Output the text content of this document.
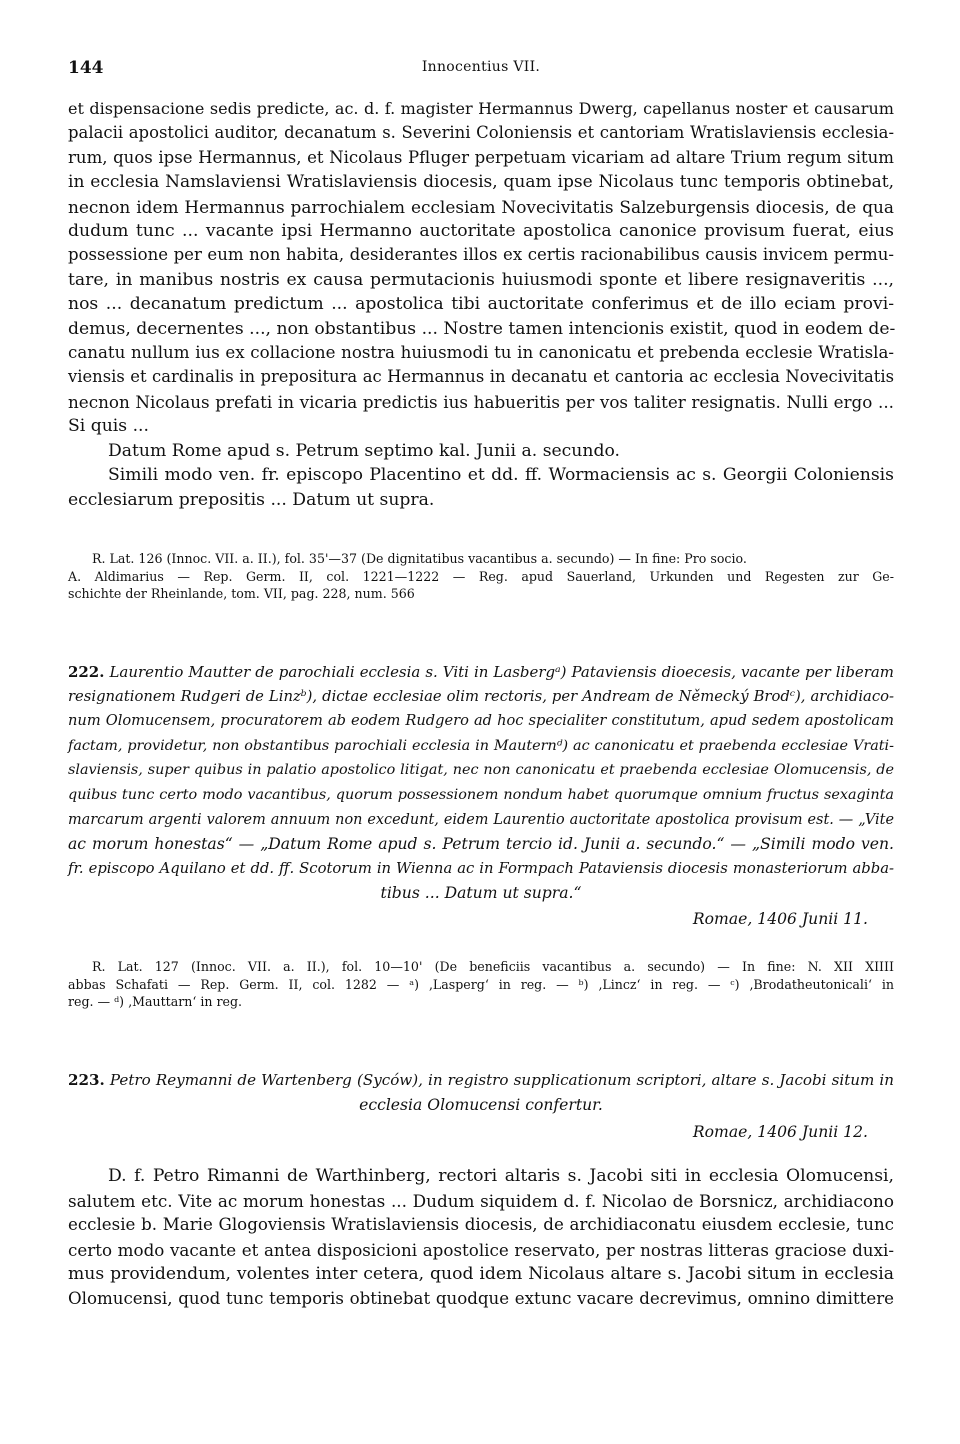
144	Innocentius VII.

et dispensacione sedis predicte, ac. d. f. magister Hermannus Dwerg, capellanus noster et causarum
palacii apostolici auditor, decanatum s. Severini Coloniensis et cantoriam Wratislaviensis ecclesia-
rum, quos ipse Hermannus, et Nicolaus Pfluger perpetuam vicariam ad altare Trium regum situm
in ecclesia Namslaviensi Wratislaviensis diocesis, quam ipse Nicolaus tunc temporis obtinebat,
necnon idem Hermannus parrochialem ecclesiam Novecivitatis Salzeburgensis diocesis, de qua
dudum tunc ... vacante ipsi Hermanno auctoritate apostolica canonice provisum fuerat, eius
possessione per eum non habita, desiderantes illos ex certis racionabilibus causis invicem permu-
tare, in manibus nostris ex causa permutacionis huiusmodi sponte et libere resignaveritis ...,
nos ... decanatum predictum ... apostolica tibi auctoritate conferimus et de illo eciam provi-
demus, decernentes ..., non obstantibus ... Nostre tamen intencionis existit, quod in eodem de-
canatu nullum ius ex collacione nostra huiusmodi tu in canonicatu et prebenda ecclesie Wratisla-
viensis et cardinalis in prepositura ac Hermannus in decanatu et cantoria ac ecclesia Novecivitatis
necnon Nicolaus prefati in vicaria predictis ius habueritis per vos taliter resignatis. Nulli ergo ...
Si quis ...
Datum Rome apud s. Petrum septimo kal. Junii a. secundo.
Simili modo ven. fr. episcopo Placentino et dd. ff. Wormaciensis ac s. Georgii Coloniensis
ecclesiarum prepositis ... Datum ut supra.

R. Lat. 126 (Innoc. VII. a. II.), fol. 35'—37 (De dignitatibus vacantibus a. secundo) — In fine: Pro socio.
A. Aldimarius — Rep. Germ. II, col. 1221—1222 — Reg. apud Sauerland, Urkunden und Regesten zur Ge-
schichte der Rheinlande, tom. VII, pag. 228, num. 566

222. Laurentio Mautter de parochiali ecclesia s. Viti in Lasbergᵃ) Pataviensis dioecesis, vacante per liberam
resignationem Rudgeri de Linzᵇ), dictae ecclesiae olim rectoris, per Andream de Německý Brodᶜ), archidiaco-
num Olomucensem, procuratorem ab eodem Rudgero ad hoc specialiter constitutum, apud sedem apostolicam
factam, providetur, non obstantibus parochiali ecclesia in Mauternᵈ) ac canonicatu et praebenda ecclesiae Vrati-
slaviensis, super quibus in palatio apostolico litigat, nec non canonicatu et praebenda ecclesiae Olomucensis, de
quibus tunc certo modo vacantibus, quorum possessionem nondum habet quorumque omnium fructus sexaginta
marcarum argenti valorem annuum non excedunt, eidem Laurentio auctoritate apostolica provisum est. — „Vite
ac morum honestas“ — „Datum Rome apud s. Petrum tercio id. Junii a. secundo.“ — „Simili modo ven.
fr. episcopo Aquilano et dd. ff. Scotorum in Wienna ac in Formpach Pataviensis diocesis monasteriorum abba-
tibus ... Datum ut supra.“

Romae, 1406 Junii 11.

R. Lat. 127 (Innoc. VII. a. II.), fol. 10—10' (De beneficiis vacantibus a. secundo) — In fine: N. XII XIIII
abbas Schafati — Rep. Germ. II, col. 1282 — ᵃ) ‚Lasperg‘ in reg. — ᵇ) ‚Lincz‘ in reg. — ᶜ) ‚Brodatheutonicali‘ in
reg. — ᵈ) ‚Mauttarn‘ in reg.

223. Petro Reymanni de Wartenberg (Syców), in registro supplicationum scriptori, altare s. Jacobi situm in
ecclesia Olomucensi confertur.

Romae, 1406 Junii 12.

D. f. Petro Rimanni de Warthinberg, rectori altaris s. Jacobi siti in ecclesia Olomucensi,
salutem etc. Vite ac morum honestas ... Dudum siquidem d. f. Nicolao de Borsnicz, archidiacono
ecclesie b. Marie Glogoviensis Wratislaviensis diocesis, de archidiaconatu eiusdem ecclesie, tunc
certo modo vacante et antea disposicioni apostolice reservato, per nostras litteras graciose duxi-
mus providendum, volentes inter cetera, quod idem Nicolaus altare s. Jacobi situm in ecclesia
Olomucensi, quod tunc temporis obtinebat quodque extunc vacare decrevimus, omnino dimittere
